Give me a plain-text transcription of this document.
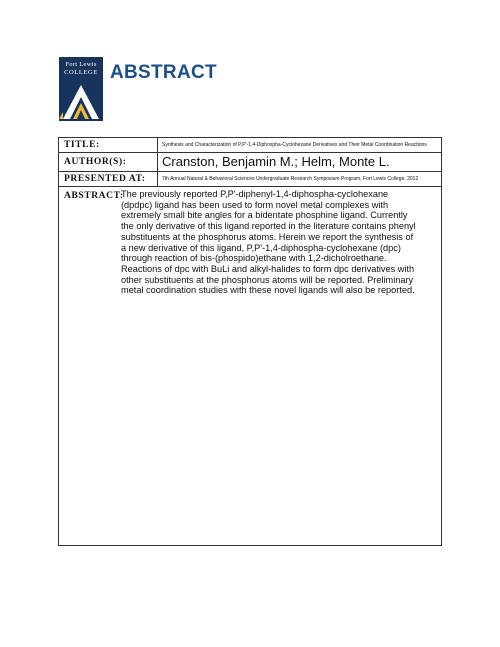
Fort Lewis
COLLEGE ABSTRACT
TITLE:	Synthesis and Characterization of P,P'-1,4-Diphospha-Cyclohexane Derivatives and Their Metal Coordination Reactions
AUTHOR(S):	Cranston, Benjamin M.; Helm, Monte L.
PRESENTED AT:	7th Annual Natural & Behavioral Sciences Undergraduate Research Symposium Program, Fort Lewis College, 2012
ABSTRACT:
The previously reported P,P'-diphenyl-1,4-diphospha-cyclohexane
(dpdpc) ligand has been used to form novel metal complexes with
extremely small bite angles for a bidentate phosphine ligand. Currently
the only derivative of this ligand reported in the literature contains phenyl
substituents at the phosphorus atoms. Herein we report the synthesis of
a new derivative of this ligand, P,P'-1,4-diphospha-cyclohexane (dpc)
through reaction of bis-(phospido)ethane with 1,2-dicholroethane.
Reactions of dpc with BuLi and alkyl-halides to form dpc derivatives with
other substituents at the phosphorus atoms will be reported. Preliminary
metal coordination studies with these novel ligands will also be reported.
